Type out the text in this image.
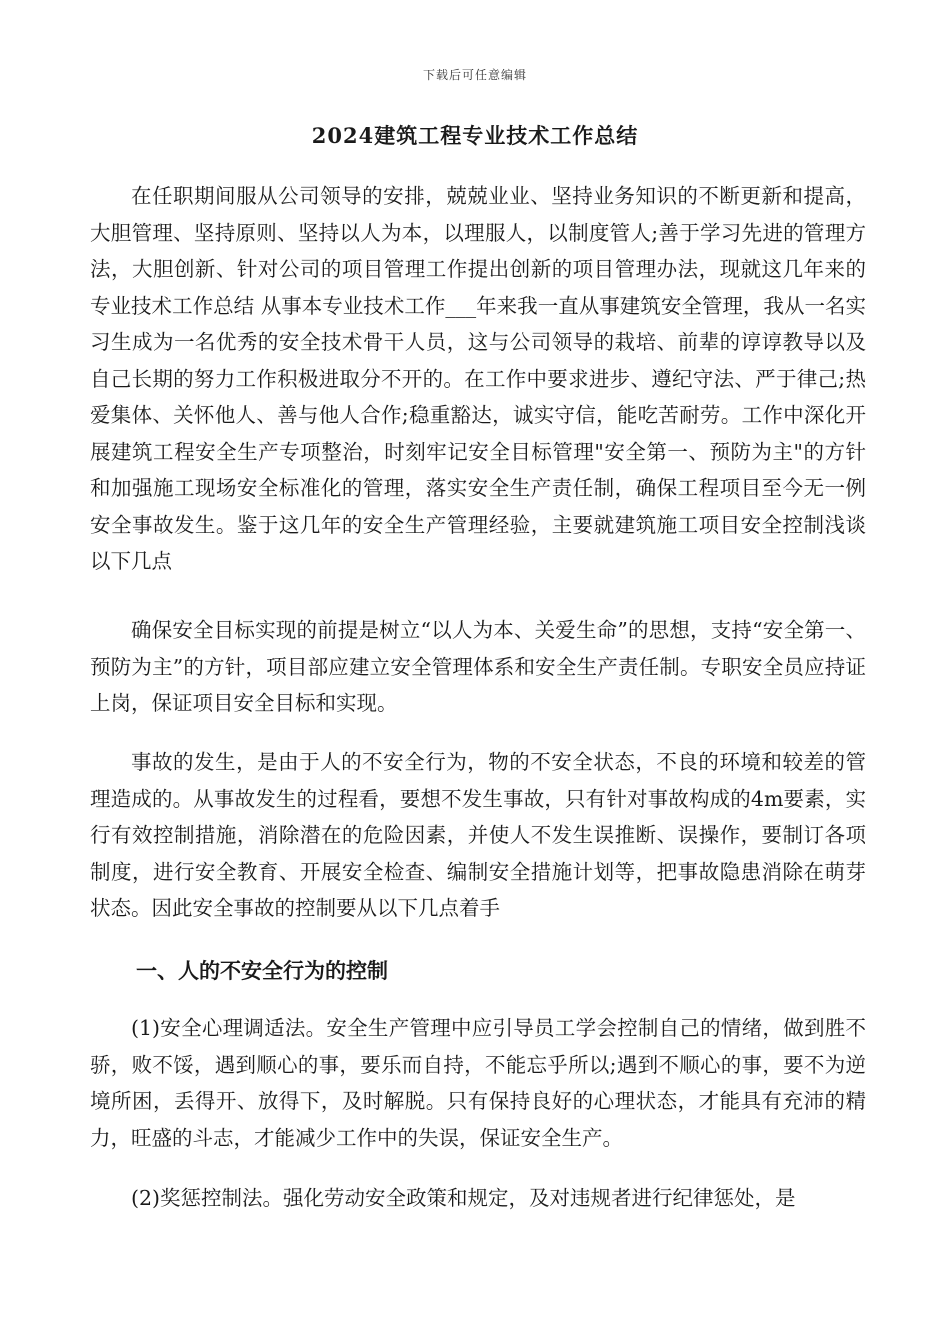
下载后可任意编辑
2024建筑工程专业技术工作总结

在任职期间服从公司领导的安排，兢兢业业、坚持业务知识的不断更新和提高，大胆管理、坚持原则、坚持以人为本，以理服人，以制度管人;善于学习先进的管理方法，大胆创新、针对公司的项目管理工作提出创新的项目管理办法，现就这几年来的专业技术工作总结 从事本专业技术工作___年来我一直从事建筑安全管理，我从一名实习生成为一名优秀的安全技术骨干人员，这与公司领导的栽培、前辈的谆谆教导以及自己长期的努力工作积极进取分不开的。在工作中要求进步、遵纪守法、严于律己;热爱集体、关怀他人、善与他人合作;稳重豁达，诚实守信，能吃苦耐劳。工作中深化开展建筑工程安全生产专项整治，时刻牢记安全目标管理"安全第一、预防为主"的方针和加强施工现场安全标准化的管理，落实安全生产责任制，确保工程项目至今无一例安全事故发生。鉴于这几年的安全生产管理经验，主要就建筑施工项目安全控制浅谈以下几点

确保安全目标实现的前提是树立“以人为本、关爱生命”的思想，支持“安全第一、预防为主”的方针，项目部应建立安全管理体系和安全生产责任制。专职安全员应持证上岗，保证项目安全目标和实现。

事故的发生，是由于人的不安全行为，物的不安全状态，不良的环境和较差的管理造成的。从事故发生的过程看，要想不发生事故，只有针对事故构成的4m要素，实行有效控制措施，消除潜在的危险因素，并使人不发生误推断、误操作，要制订各项制度，进行安全教育、开展安全检查、编制安全措施计划等，把事故隐患消除在萌芽状态。因此安全事故的控制要从以下几点着手

一、人的不安全行为的控制

(1)安全心理调适法。安全生产管理中应引导员工学会控制自己的情绪，做到胜不骄，败不馁，遇到顺心的事，要乐而自持，不能忘乎所以;遇到不顺心的事，要不为逆境所困，丢得开、放得下，及时解脱。只有保持良好的心理状态，才能具有充沛的精力，旺盛的斗志，才能减少工作中的失误，保证安全生产。

(2)奖惩控制法。强化劳动安全政策和规定，及对违规者进行纪律惩处，是
